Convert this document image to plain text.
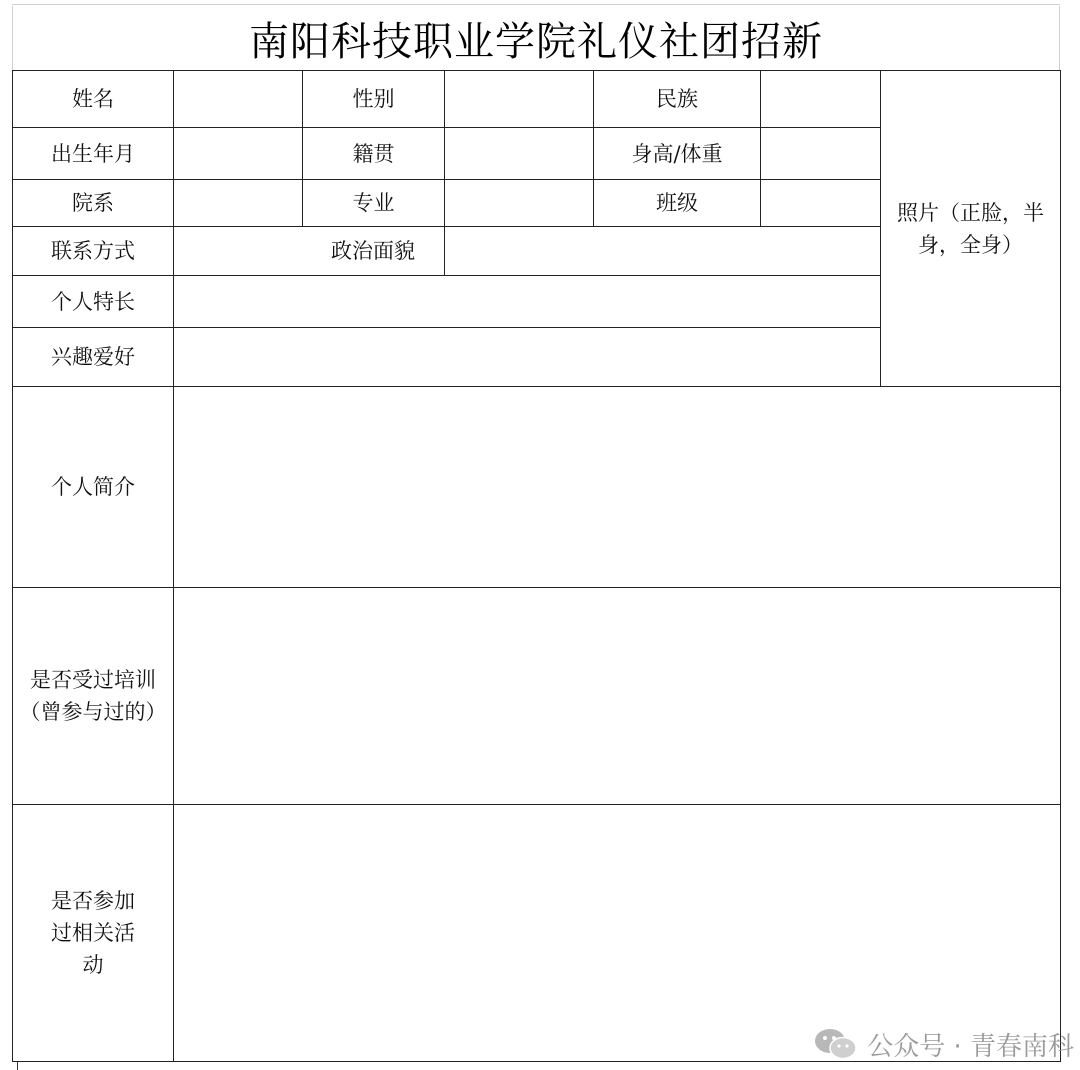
南阳科技职业学院礼仪社团招新
姓名		性别		民族		照片（正脸，半身，全身）
出生年月		籍贯		身高/体重		
院系		专业		班级		
联系方式	政治面貌					

个人特长						
兴趣爱好						
个人简介						
是否受过培训（曾参与过的）						
是否参加过相关活动						
公众号 · 青春南科
